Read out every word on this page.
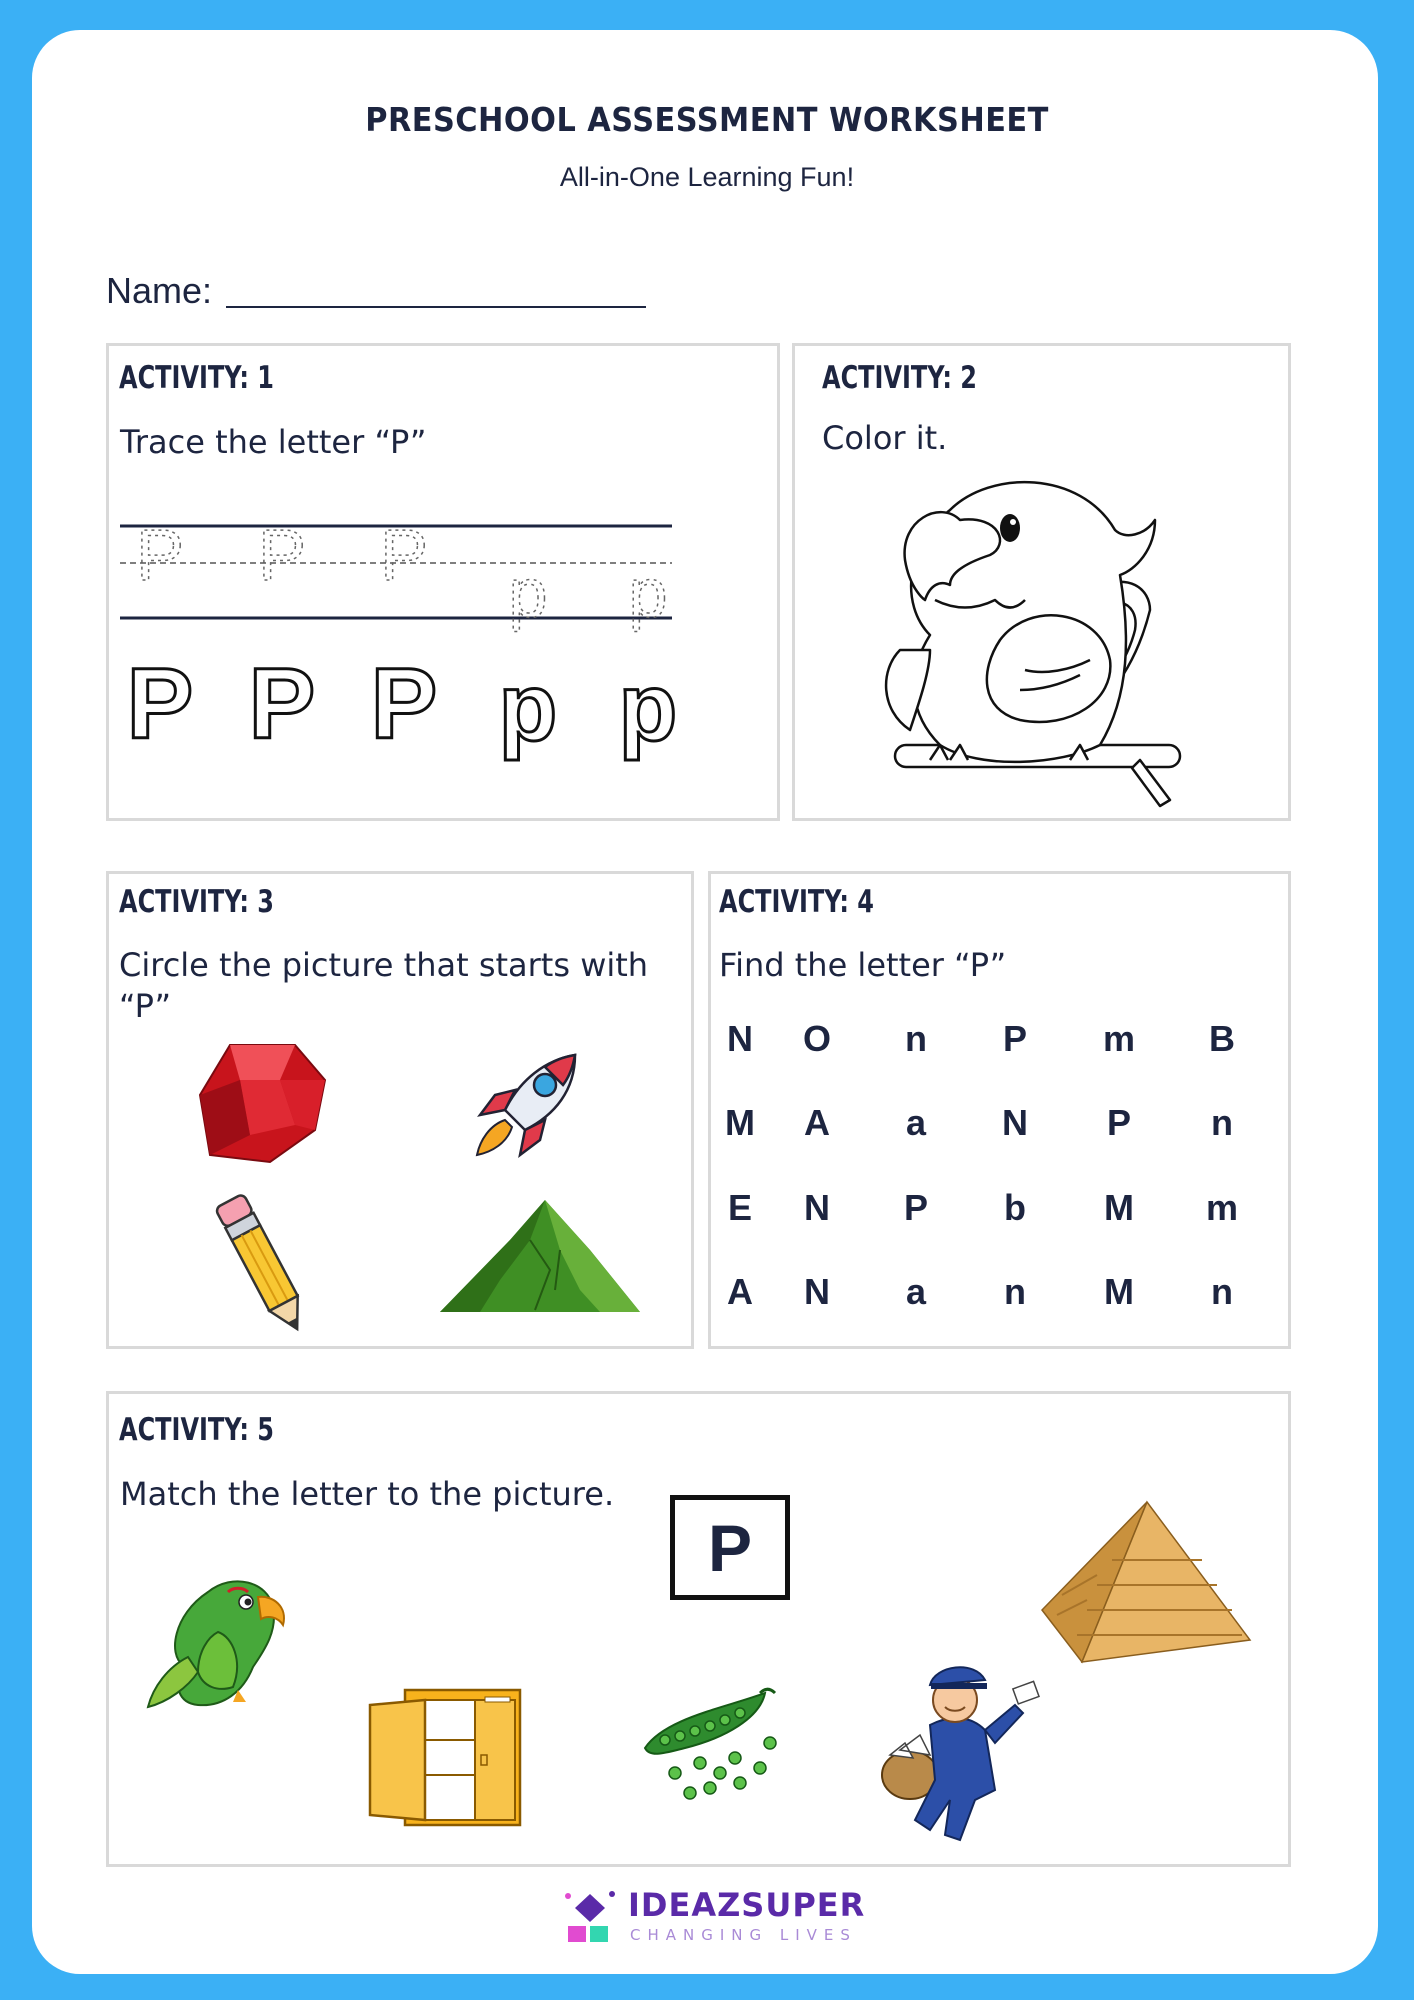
PRESCHOOL ASSESSMENT WORKSHEET
All-in-One Learning Fun!
Name:
ACTIVITY: 1
Trace the letter “P”
P
P
P
P
P
P
p
p
p
p
ACTIVITY: 2
Color it.
ACTIVITY: 3
Circle the picture that starts with
“P”
ACTIVITY: 4
Find the letter “P”
N	O	n	P	m	B
M	A	a	N	P	n
E	N	P	b	M	m
A	N	a	n	M	n
ACTIVITY: 5
Match the letter to the picture.
P
IDEAZSUPER
CHANGING LIVES
